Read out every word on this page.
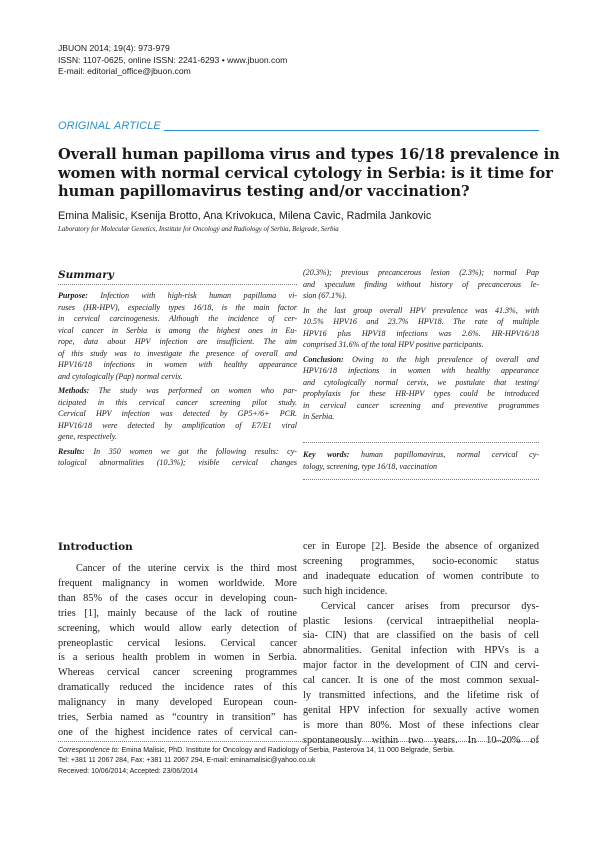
JBUON 2014; 19(4): 973-979
ISSN: 1107-0625, online ISSN: 2241-6293 • www.jbuon.com
E-mail: editorial_office@jbuon.com
ORIGINAL ARTICLE
Overall human papilloma virus and types 16/18 prevalence in
women with normal cervical cytology in Serbia: is it time for
human papillomavirus testing and/or vaccination?
Emina Malisic, Ksenija Brotto, Ana Krivokuca, Milena Cavic, Radmila Jankovic
Laboratory for Molecular Genetics, Institute for Oncology and Radiology of Serbia, Belgrade, Serbia
Summary
Purpose: Infection with high-risk human papilloma vi-
ruses (HR-HPV), especially types 16/18, is the main factor
in cervical carcinogenesis. Although the incidence of cer-
vical cancer in Serbia is among the highest ones in Eu-
rope, data about HPV infection are insufficient. The aim
of this study was to investigate the presence of overall and
HPV16/18 infections in women with healthy appearance
and cytologically (Pap) normal cervix.
Methods: The study was performed on women who par-
ticipated in this cervical cancer screening pilot study.
Cervical HPV infection was detected by GP5+/6+ PCR.
HPV16/18 were detected by amplification of E7/E1 viral
gene, respectively.
Results: In 350 women we got the following results: cy-
tological abnormalities (10.3%); visible cervical changes
(20.3%); previous precancerous lesion (2.3%); normal Pap
and speculum finding without history of precancerous le-
sion (67.1%).
In the last group overall HPV prevalence was 41.3%, with
10.5% HPV16 and 23.7% HPV18. The rate of multiple
HPV16 plus HPV18 infections was 2.6%. HR-HPV16/18
comprised 31.6% of the total HPV positive participants.
Conclusion: Owing to the high prevalence of overall and
HPV16/18 infections in women with healthy appearance
and cytologically normal cervix, we postulate that testing/
prophylaxis for these HR-HPV types could be introduced
in cervical cancer screening and preventive programmes
in Serbia.
Key words: human papillomavirus, normal cervical cy-
tology, screening, type 16/18, vaccination
Introduction
Cancer of the uterine cervix is the third most
frequent malignancy in women worldwide. More
than 85% of the cases occur in developing coun-
tries [1], mainly because of the lack of routine
screening, which would allow early detection of
preneoplastic cervical lesions. Cervical cancer
is a serious health problem in women in Serbia.
Whereas cervical cancer screening programmes
dramatically reduced the incidence rates of this
malignancy in many developed European coun-
tries, Serbia named as “country in transition” has
one of the highest incidence rates of cervical can-
cer in Europe [2]. Beside the absence of organized
screening programmes, socio-economic status
and inadequate education of women contribute to
such high incidence.
Cervical cancer arises from precursor dys-
plastic lesions (cervical intraepithelial neopla-
sia- CIN) that are classified on the basis of cell
abnormalities. Genital infection with HPVs is a
major factor in the development of CIN and cervi-
cal cancer. It is one of the most common sexual-
ly transmitted infections, and the lifetime risk of
genital HPV infection for sexually active women
is more than 80%. Most of these infections clear
spontaneously within two years. In 10–20% of
Correspondence to: Emina Malisic, PhD. Institute for Oncology and Radiology of Serbia, Pasterova 14, 11 000 Belgrade, Serbia.
Tel: +381 11 2067 284, Fax: +381 11 2067 294, E-mail: eminamalisic@yahoo.co.uk
Received: 10/06/2014; Accepted: 23/06/2014
